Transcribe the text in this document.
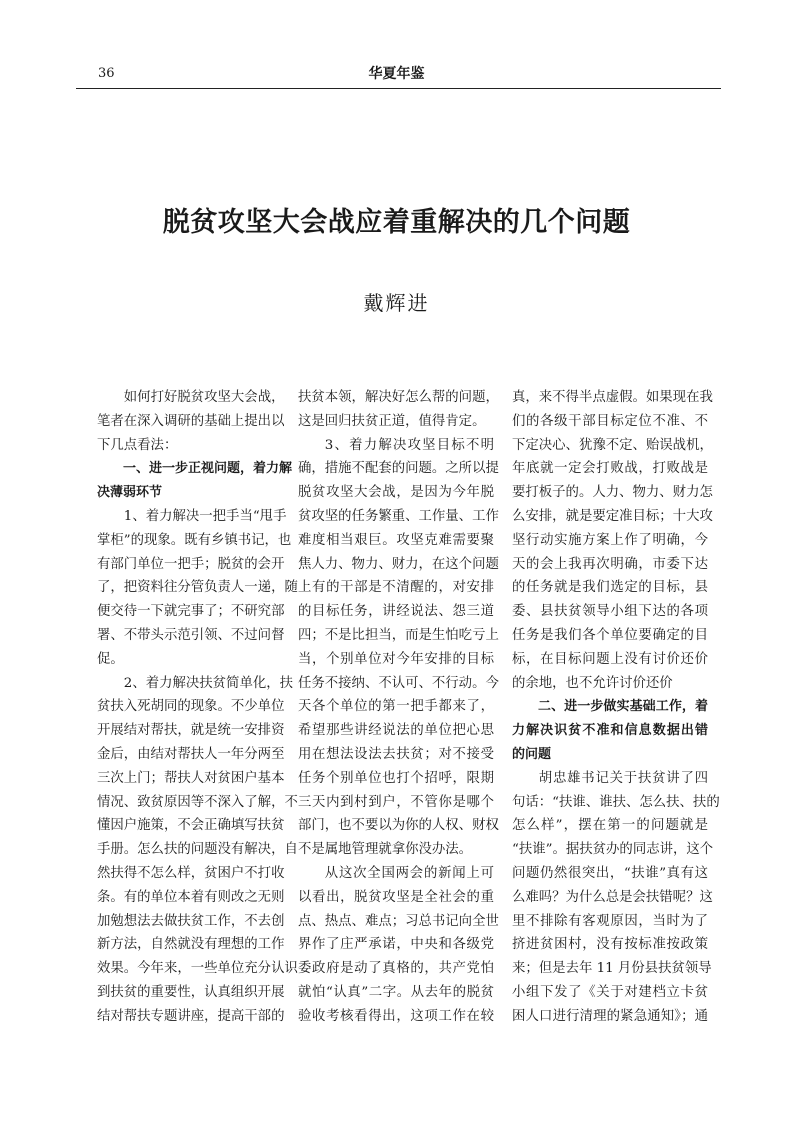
36	华夏年鉴
脱贫攻坚大会战应着重解决的几个问题
戴辉进
如何打好脱贫攻坚大会战，
笔者在深入调研的基础上提出以
下几点看法：
一、进一步正视问题，着力解
决薄弱环节
1、着力解决一把手当“甩手
掌柜”的现象。既有乡镇书记，也
有部门单位一把手；脱贫的会开
了，把资料往分管负责人一递，随
便交待一下就完事了；不研究部
署、不带头示范引领、不过问督
促。
2、着力解决扶贫简单化，扶
贫扶入死胡同的现象。不少单位
开展结对帮扶，就是统一安排资
金后，由结对帮扶人一年分两至
三次上门；帮扶人对贫困户基本
情况、致贫原因等不深入了解，不
懂因户施策，不会正确填写扶贫
手册。怎么扶的问题没有解决，自
然扶得不怎么样，贫困户不打收
条。有的单位本着有则改之无则
加勉想法去做扶贫工作，不去创
新方法，自然就没有理想的工作
效果。今年来，一些单位充分认识
到扶贫的重要性，认真组织开展
结对帮扶专题讲座，提高干部的
扶贫本领，解决好怎么帮的问题，
这是回归扶贫正道，值得肯定。
3、着力解决攻坚目标不明
确，措施不配套的问题。之所以提
脱贫攻坚大会战，是因为今年脱
贫攻坚的任务繁重、工作量、工作
难度相当艰巨。攻坚克难需要聚
焦人力、物力、财力，在这个问题
上有的干部是不清醒的，对安排
的目标任务，讲经说法、怨三道
四；不是比担当，而是生怕吃亏上
当，个别单位对今年安排的目标
任务不接纳、不认可、不行动。今
天各个单位的第一把手都来了，
希望那些讲经说法的单位把心思
用在想法设法去扶贫；对不接受
任务个别单位也打个招呼，限期
三天内到村到户，不管你是哪个
部门，也不要以为你的人权、财权
不是属地管理就拿你没办法。
从这次全国两会的新闻上可
以看出，脱贫攻坚是全社会的重
点、热点、难点；习总书记向全世
界作了庄严承诺，中央和各级党
委政府是动了真格的，共产党怕
就怕“认真”二字。从去年的脱贫
验收考核看得出，这项工作在较
真，来不得半点虚假。如果现在我
们的各级干部目标定位不准、不
下定决心、犹豫不定、贻误战机，
年底就一定会打败战，打败战是
要打板子的。人力、物力、财力怎
么安排，就是要定准目标；十大攻
坚行动实施方案上作了明确，今
天的会上我再次明确，市委下达
的任务就是我们选定的目标，县
委、县扶贫领导小组下达的各项
任务是我们各个单位要确定的目
标，在目标问题上没有讨价还价
的余地，也不允许讨价还价
二、进一步做实基础工作，着
力解决识贫不准和信息数据出错
的问题
胡忠雄书记关于扶贫讲了四
句话：“扶谁、谁扶、怎么扶、扶的
怎么样”，摆在第一的问题就是
“扶谁”。据扶贫办的同志讲，这个
问题仍然很突出，“扶谁”真有这
么难吗？为什么总是会扶错呢？这
里不排除有客观原因，当时为了
挤进贫困村，没有按标准按政策
来；但是去年 11 月份县扶贫领导
小组下发了《关于对建档立卡贫
困人口进行清理的紧急通知》；通
